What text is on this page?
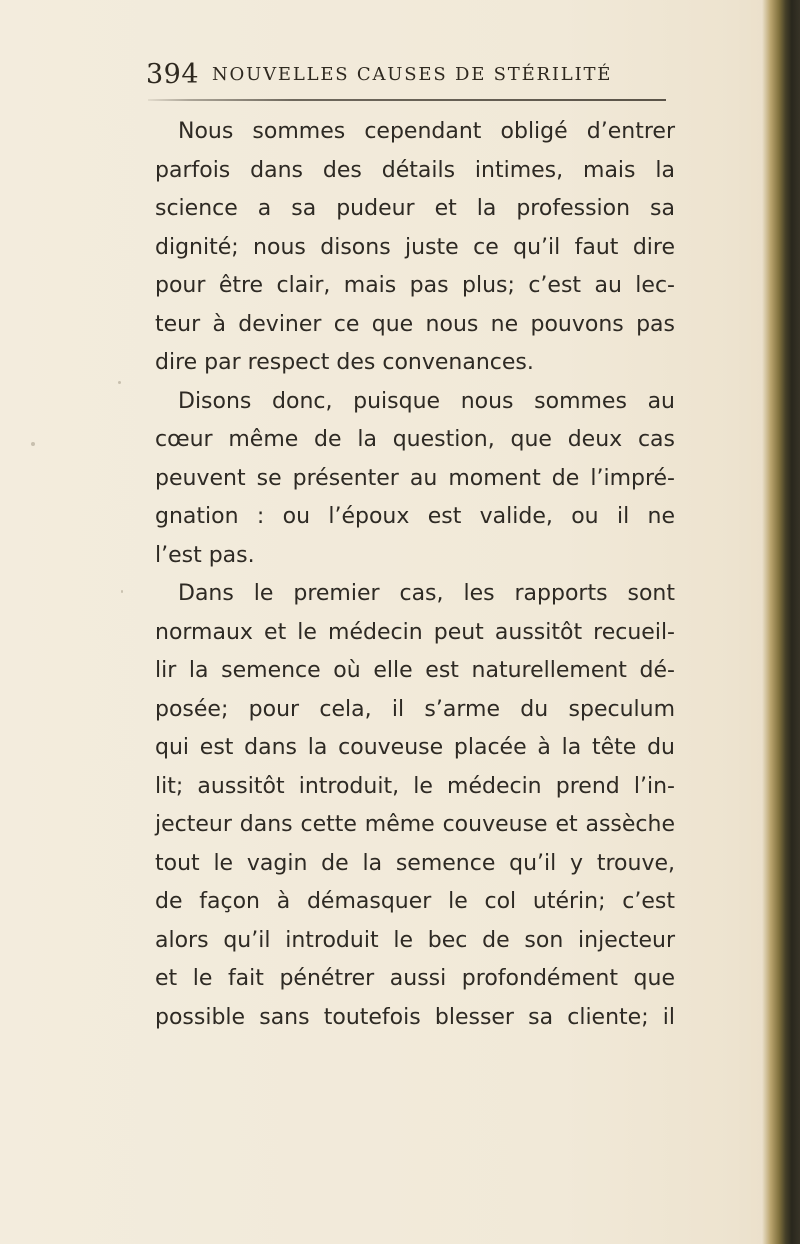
394 NOUVELLES CAUSES DE STÉRILITÉ
Nous sommes cependant obligé d’entrer
parfois dans des détails intimes, mais la
science a sa pudeur et la profession sa
dignité; nous disons juste ce qu’il faut dire
pour être clair, mais pas plus; c’est au lec-
teur à deviner ce que nous ne pouvons pas
dire par respect des convenances.
Disons donc, puisque nous sommes au
cœur même de la question, que deux cas
peuvent se présenter au moment de l’impré-
gnation : ou l’époux est valide, ou il ne
l’est pas.
Dans le premier cas, les rapports sont
normaux et le médecin peut aussitôt recueil-
lir la semence où elle est naturellement dé-
posée; pour cela, il s’arme du speculum
qui est dans la couveuse placée à la tête du
lit; aussitôt introduit, le médecin prend l’in-
jecteur dans cette même couveuse et assèche
tout le vagin de la semence qu’il y trouve,
de façon à démasquer le col utérin; c’est
alors qu’il introduit le bec de son injecteur
et le fait pénétrer aussi profondément que
possible sans toutefois blesser sa cliente; il
